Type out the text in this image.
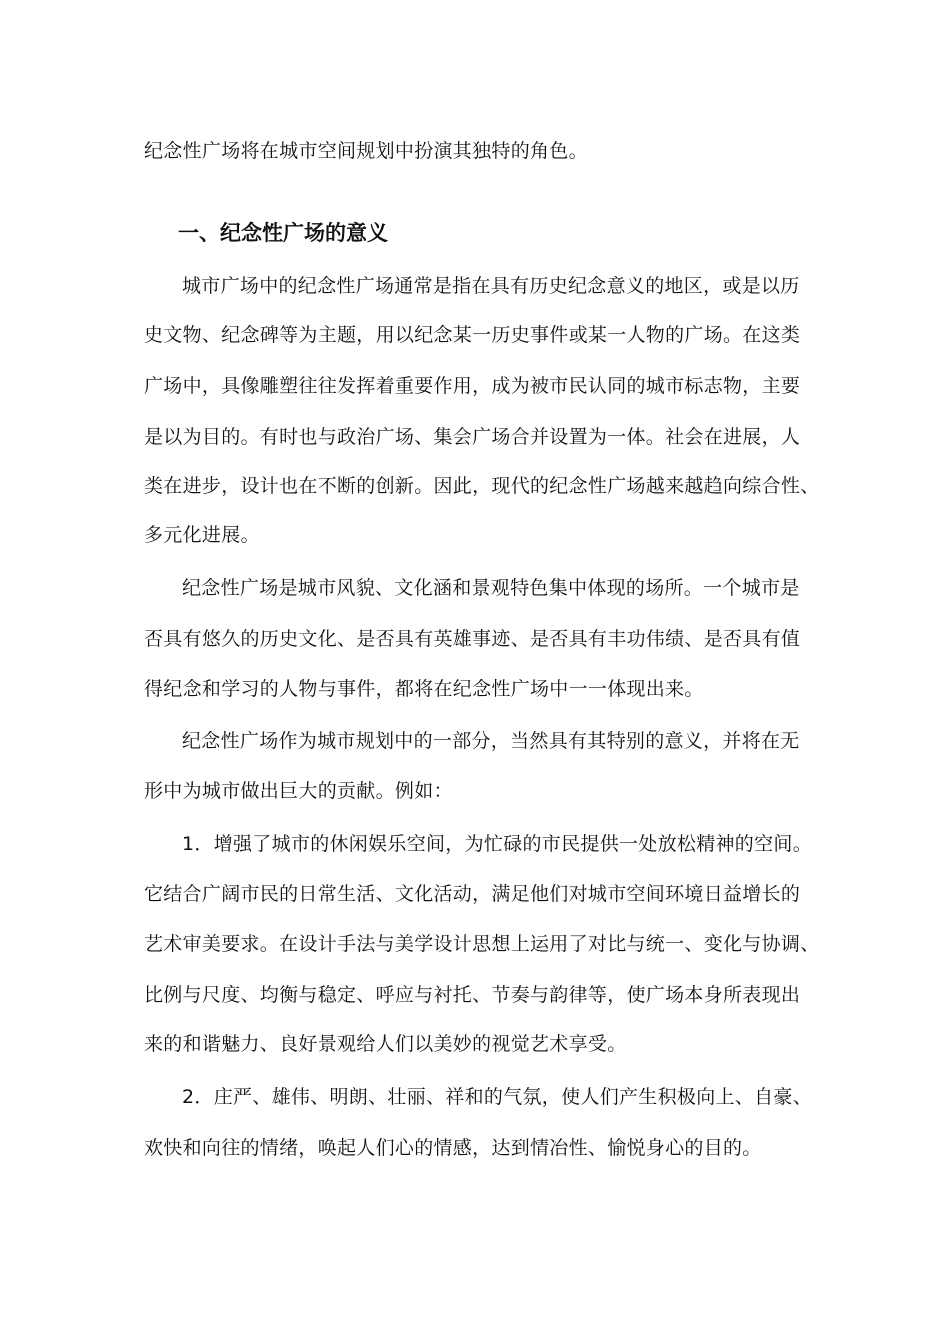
纪念性广场将在城市空间规划中扮演其独特的角色。
一、纪念性广场的意义
城市广场中的纪念性广场通常是指在具有历史纪念意义的地区，或是以历
史文物、纪念碑等为主题，用以纪念某一历史事件或某一人物的广场。在这类
广场中，具像雕塑往往发挥着重要作用，成为被市民认同的城市标志物，主要
是以为目的。有时也与政治广场、集会广场合并设置为一体。社会在进展，人
类在进步，设计也在不断的创新。因此，现代的纪念性广场越来越趋向综合性、
多元化进展。
纪念性广场是城市风貌、文化涵和景观特色集中体现的场所。一个城市是
否具有悠久的历史文化、是否具有英雄事迹、是否具有丰功伟绩、是否具有值
得纪念和学习的人物与事件，都将在纪念性广场中一一体现出来。
纪念性广场作为城市规划中的一部分，当然具有其特别的意义，并将在无
形中为城市做出巨大的贡献。例如：
1．增强了城市的休闲娱乐空间，为忙碌的市民提供一处放松精神的空间。
它结合广阔市民的日常生活、文化活动，满足他们对城市空间环境日益增长的
艺术审美要求。在设计手法与美学设计思想上运用了对比与统一、变化与协调、
比例与尺度、均衡与稳定、呼应与衬托、节奏与韵律等，使广场本身所表现出
来的和谐魅力、良好景观给人们以美妙的视觉艺术享受。
2．庄严、雄伟、明朗、壮丽、祥和的气氛，使人们产生积极向上、自豪、
欢快和向往的情绪，唤起人们心的情感，达到情冶性、愉悦身心的目的。
